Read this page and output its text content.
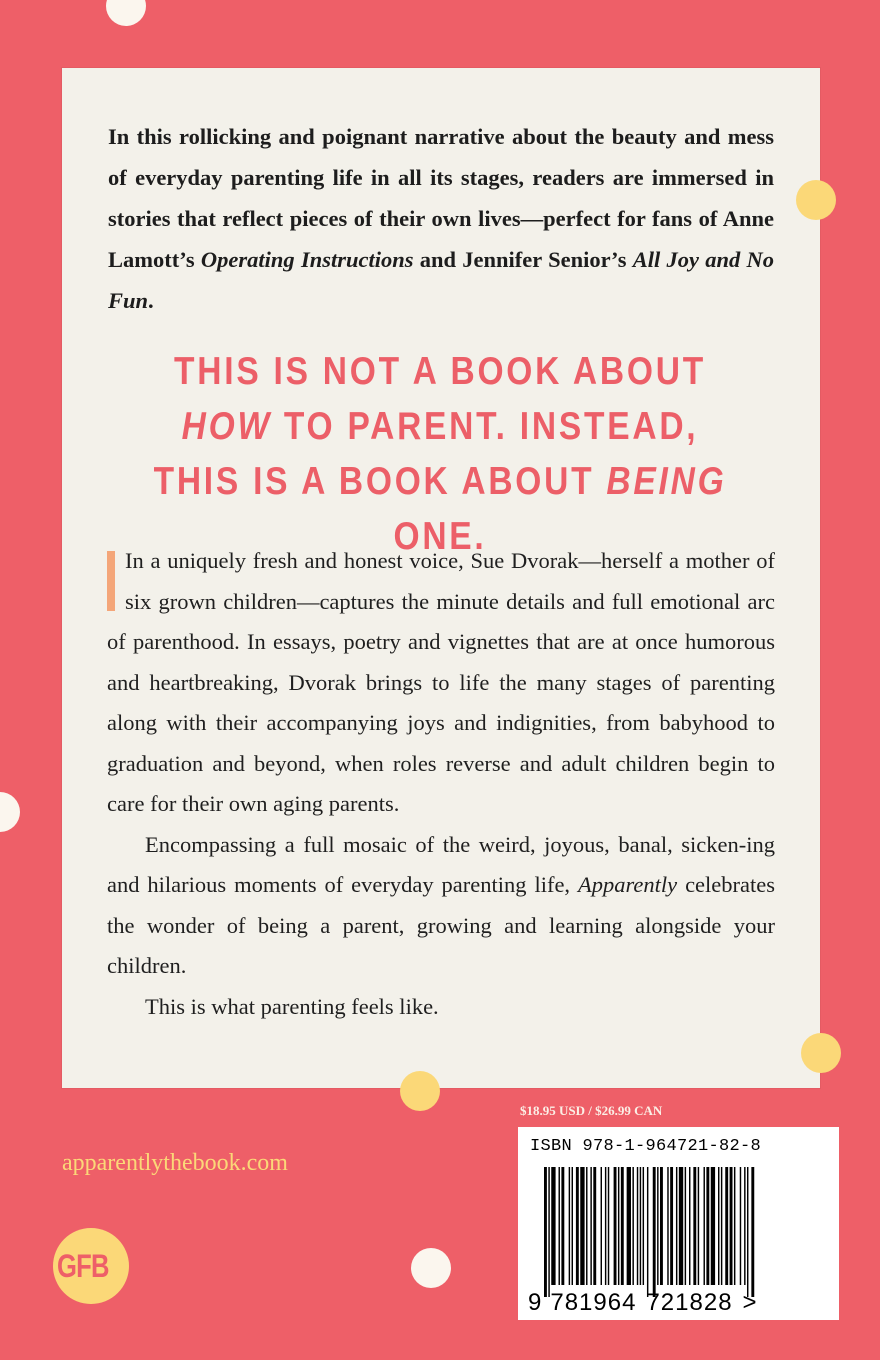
In this rollicking and poignant narrative about the beauty and mess of everyday parenting life in all its stages, readers are immersed in stories that reflect pieces of their own lives—perfect for fans of Anne Lamott’s Operating Instructions and Jennifer Senior’s All Joy and No Fun.
THIS IS NOT A BOOK ABOUT HOW TO PARENT. INSTEAD, THIS IS A BOOK ABOUT BEING ONE.

In a uniquely fresh and honest voice, Sue Dvorak—herself a mother of six grown children—captures the minute details and full emotional arc of parenthood. In essays, poetry and vignettes that are at once humorous and heartbreaking, Dvorak brings to life the many stages of parenting along with their accompanying joys and indignities, from babyhood to graduation and beyond, when roles reverse and adult children begin to care for their own aging parents.

Encompassing a full mosaic of the weird, joyous, banal, sicken-ing and hilarious moments of everyday parenting life, Apparently celebrates the wonder of being a parent, growing and learning alongside your children.

This is what parenting feels like.

$18.95 USD / $26.99 CAN
apparentlythebook.com
GFB
ISBN 978-1-964721-82-8
9 781964 721828 >
